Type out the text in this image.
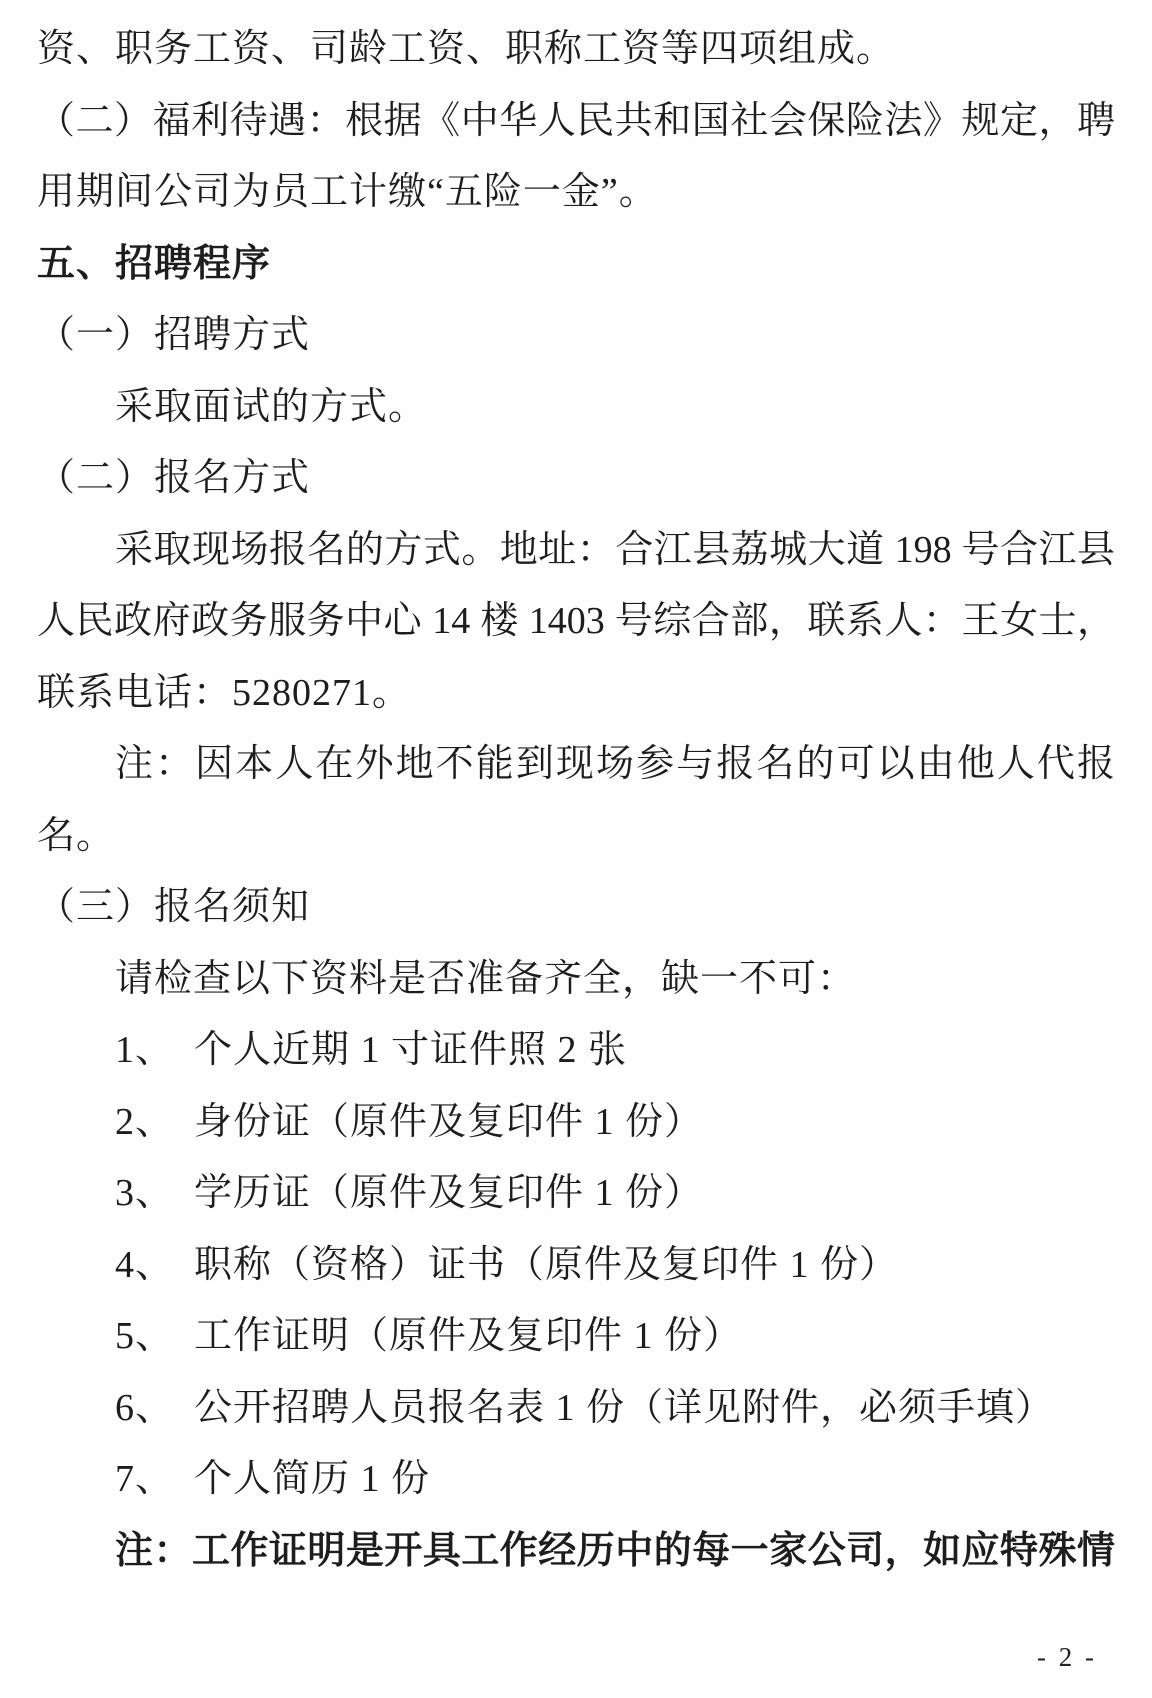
资、职务工资、司龄工资、职称工资等四项组成。
（二）福利待遇：根据《中华人民共和国社会保险法》规定，聘
用期间公司为员工计缴“五险一金”。
五、招聘程序
（一）招聘方式
采取面试的方式。
（二）报名方式
采取现场报名的方式。地址：合江县荔城大道 198 号合江县
人民政府政务服务中心 14 楼 1403 号综合部，联系人：王女士，
联系电话：5280271。
注：因本人在外地不能到现场参与报名的可以由他人代报
名。
（三）报名须知
请检查以下资料是否准备齐全，缺一不可：
1、　个人近期 1 寸证件照 2 张
2、　身份证（原件及复印件 1 份）
3、　学历证（原件及复印件 1 份）
4、　职称（资格）证书（原件及复印件 1 份）
5、　工作证明（原件及复印件 1 份）
6、　公开招聘人员报名表 1 份（详见附件，必须手填）
7、　个人简历 1 份
注：工作证明是开具工作经历中的每一家公司，如应特殊情
- 2 -
